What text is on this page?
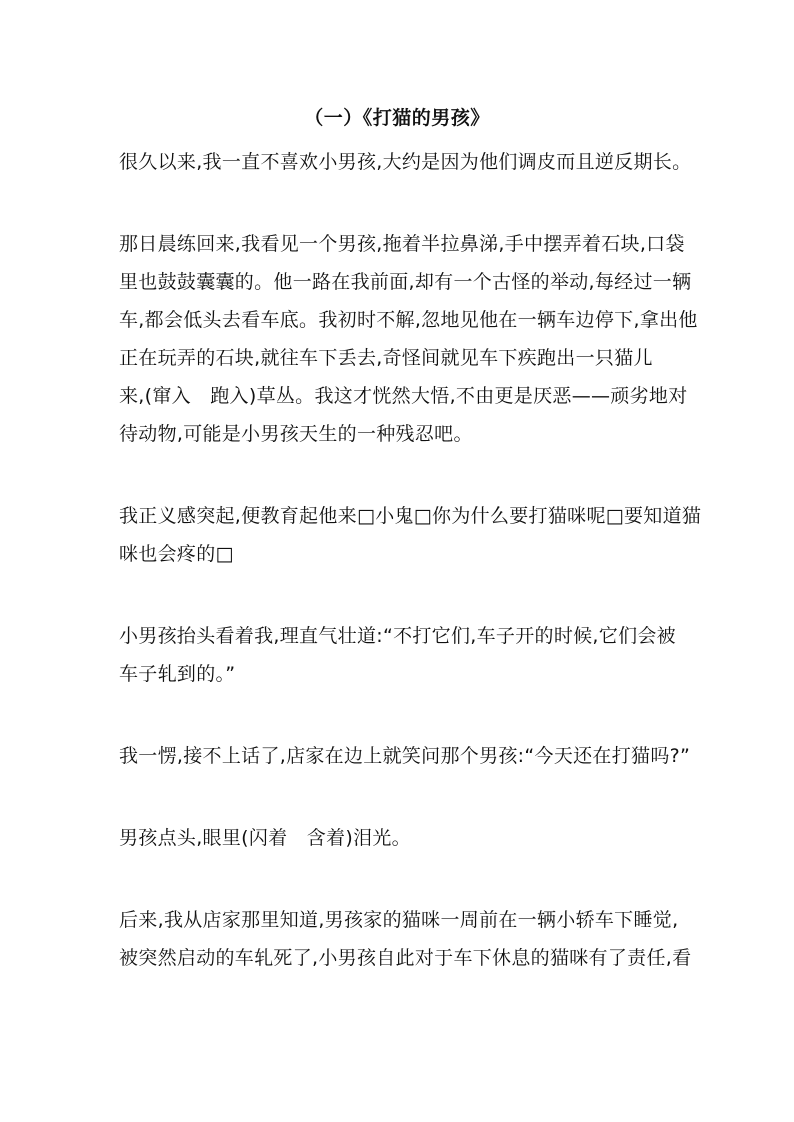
（一）《打猫的男孩》
很久以来,我一直不喜欢小男孩,大约是因为他们调皮而且逆反期长。
那日晨练回来,我看见一个男孩,拖着半拉鼻涕,手中摆弄着石块,口袋
里也鼓鼓囊囊的。他一路在我前面,却有一个古怪的举动,每经过一辆
车,都会低头去看车底。我初时不解,忽地见他在一辆车边停下,拿出他
正在玩弄的石块,就往车下丢去,奇怪间就见车下疾跑出一只猫儿
来,(窜入　跑入)草丛。我这才恍然大悟,不由更是厌恶——顽劣地对
待动物,可能是小男孩天生的一种残忍吧。
我正义感突起,便教育起他来□小鬼□你为什么要打猫咪呢□要知道猫
咪也会疼的□
小男孩抬头看着我,理直气壮道:“不打它们,车子开的时候,它们会被
车子轧到的。”
我一愣,接不上话了,店家在边上就笑问那个男孩:“今天还在打猫吗?”
男孩点头,眼里(闪着　含着)泪光。
后来,我从店家那里知道,男孩家的猫咪一周前在一辆小轿车下睡觉,
被突然启动的车轧死了,小男孩自此对于车下休息的猫咪有了责任,看
